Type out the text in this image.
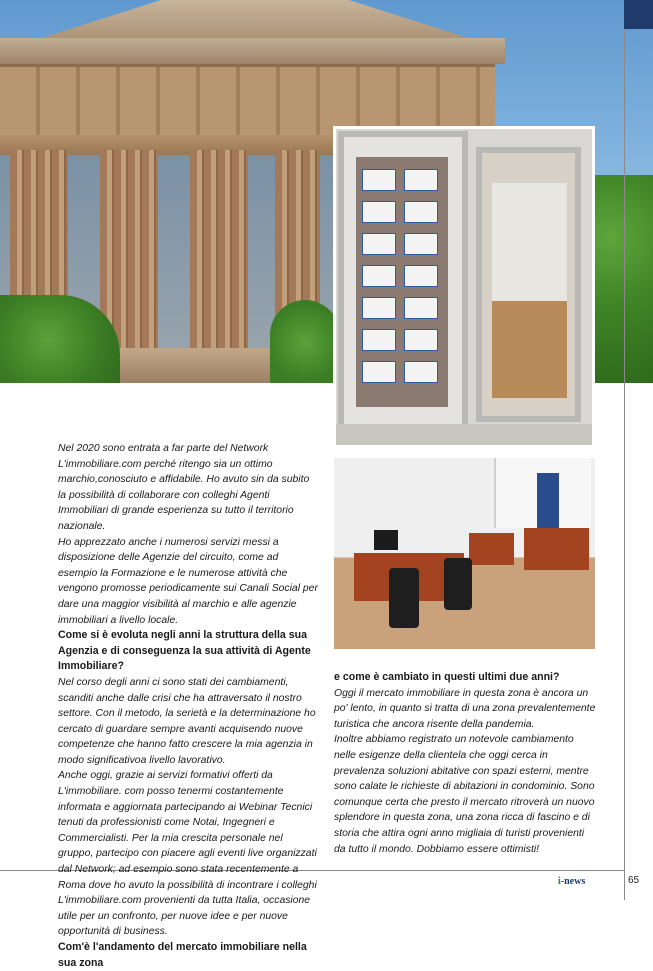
Nel 2020 sono entrata a far parte del Network L'immobiliare.com perché ritengo sia un ottimo marchio,conosciuto e affidabile. Ho avuto sin da subito la possibilità di collaborare con colleghi Agenti Immobiliari di grande esperienza su tutto il territorio nazionale.

Ho apprezzato anche i numerosi servizi messi a disposizione delle Agenzie del circuito, come ad esempio la Formazione e le numerose attività che vengono promosse periodicamente sui Canali Social per dare una maggior visibilità al marchio e alle agenzie immobiliari a livello locale.

Come si è evoluta negli anni la struttura della sua Agenzia e di conseguenza la sua attività di Agente Immobiliare?

Nel corso degli anni ci sono stati dei cambiamenti, scanditi anche dalle crisi che ha attraversato il nostro settore. Con il metodo, la serietà e la determinazione ho cercato di guardare sempre avanti acquisendo nuove competenze che hanno fatto crescere la mia agenzia in modo significativoa livello lavorativo.

Anche oggi, grazie ai servizi formativi offerti da L'immobiliare. com posso tenermi costantemente informata e aggiornata partecipando ai Webinar Tecnici tenuti da professionisti come Notai, Ingegneri e Commercialisti. Per la mia crescita personale nel gruppo, partecipo con piacere agli eventi live organizzati dal Network; ad esempio sono stata recentemente a Roma dove ho avuto la possibilità di incontrare i colleghi L'immobiliare.com provenienti da tutta Italia, occasione utile per un confronto, per nuove idee e per nuove opportunità di business.

Com'è l'andamento del mercato immobiliare nella sua zona

e come è cambiato in questi ultimi due anni?

Oggi il mercato immobiliare in questa zona è ancora un po' lento, in quanto si tratta di una zona prevalentemente turistica che ancora risente della pandemia.

Inoltre abbiamo registrato un notevole cambiamento nelle esigenze della clientela che oggi cerca in prevalenza soluzioni abitative con spazi esterni, mentre sono calate le richieste di abitazioni in condominio. Sono comunque certa che presto il mercato ritroverà un nuovo splendore in questa zona, una zona ricca di fascino e di storia che attira ogni anno migliaia di turisti provenienti da tutto il mondo. Dobbiamo essere ottimisti!

i-news	65
